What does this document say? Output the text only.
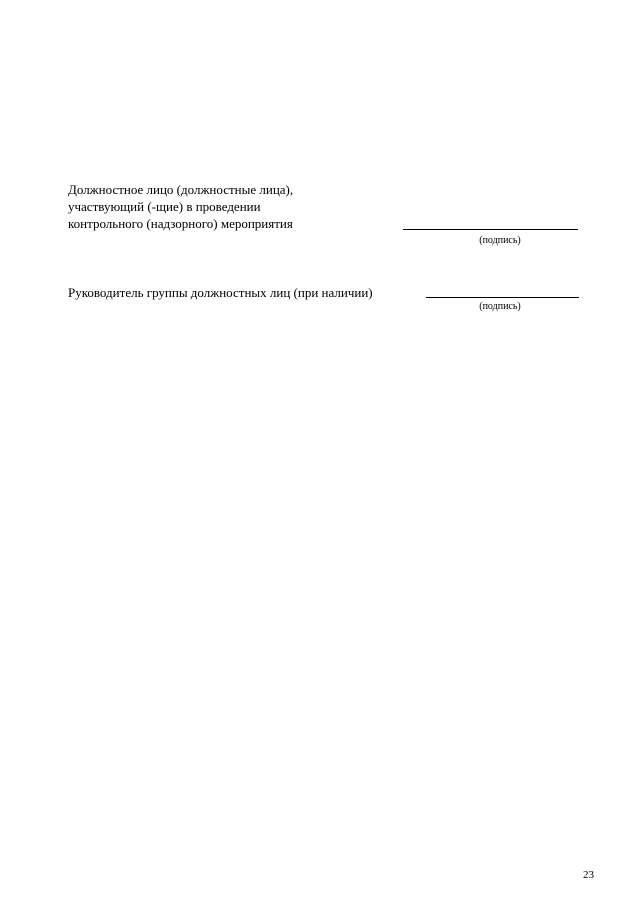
Должностное лицо (должностные лица),
участвующий (-щие) в проведении
контрольного (надзорного) мероприятия
(подпись)
Руководитель группы должностных лиц (при наличии)
(подпись)
23
